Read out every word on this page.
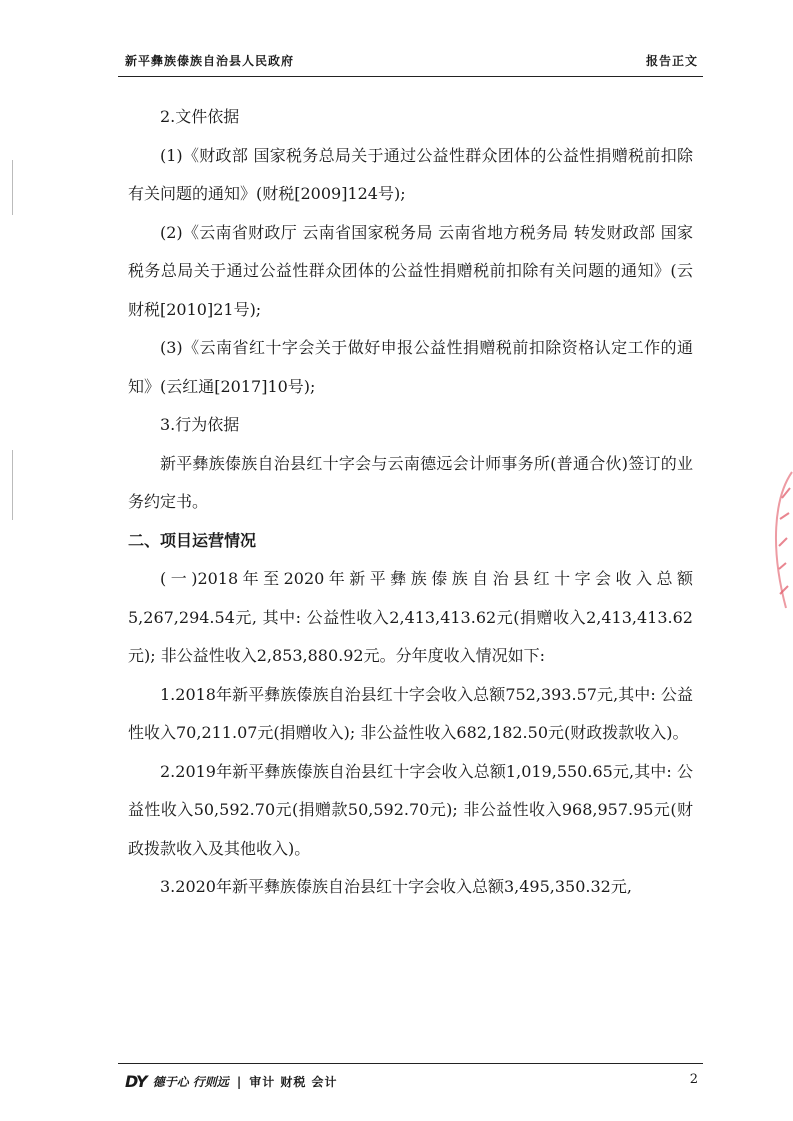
新平彝族傣族自治县人民政府	报告正文

2.文件依据

(1)《财政部 国家税务总局关于通过公益性群众团体的公益性捐赠税前扣除有关问题的通知》(财税[2009]124号);

(2)《云南省财政厅 云南省国家税务局 云南省地方税务局 转发财政部 国家税务总局关于通过公益性群众团体的公益性捐赠税前扣除有关问题的通知》(云财税[2010]21号);

(3)《云南省红十字会关于做好申报公益性捐赠税前扣除资格认定工作的通知》(云红通[2017]10号);

3.行为依据

新平彝族傣族自治县红十字会与云南德远会计师事务所(普通合伙)签订的业务约定书。

二、项目运营情况

(一)2018年至2020年新平彝族傣族自治县红十字会收入总额5,267,294.54元, 其中: 公益性收入2,413,413.62元(捐赠收入2,413,413.62元); 非公益性收入2,853,880.92元。分年度收入情况如下:

1.2018年新平彝族傣族自治县红十字会收入总额752,393.57元,其中: 公益性收入70,211.07元(捐赠收入); 非公益性收入682,182.50元(财政拨款收入)。

2.2019年新平彝族傣族自治县红十字会收入总额1,019,550.65元,其中: 公益性收入50,592.70元(捐赠款50,592.70元); 非公益性收入968,957.95元(财政拨款收入及其他收入)。

3.2020年新平彝族傣族自治县红十字会收入总额3,495,350.32元,

DY 德于心 行则远 | 审计 财税 会计	2
